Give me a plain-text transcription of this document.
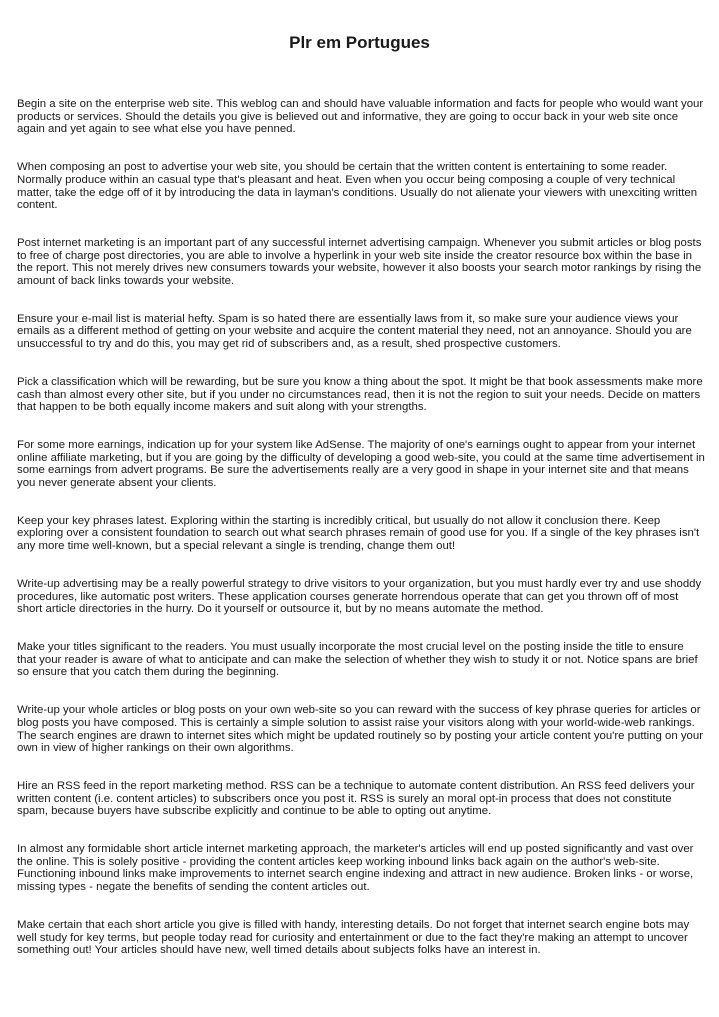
Plr em Portugues

Begin a site on the enterprise web site. This weblog can and should have valuable information and facts for people who would want your products or services. Should the details you give is believed out and informative, they are going to occur back in your web site once again and yet again to see what else you have penned.

When composing an post to advertise your web site, you should be certain that the written content is entertaining to some reader. Normally produce within an casual type that's pleasant and heat. Even when you occur being composing a couple of very technical matter, take the edge off of it by introducing the data in layman's conditions. Usually do not alienate your viewers with unexciting written content.

Post internet marketing is an important part of any successful internet advertising campaign. Whenever you submit articles or blog posts to free of charge post directories, you are able to involve a hyperlink in your web site inside the creator resource box within the base in the report. This not merely drives new consumers towards your website, however it also boosts your search motor rankings by rising the amount of back links towards your website.

Ensure your e-mail list is material hefty. Spam is so hated there are essentially laws from it, so make sure your audience views your emails as a different method of getting on your website and acquire the content material they need, not an annoyance. Should you are unsuccessful to try and do this, you may get rid of subscribers and, as a result, shed prospective customers.

Pick a classification which will be rewarding, but be sure you know a thing about the spot. It might be that book assessments make more cash than almost every other site, but if you under no circumstances read, then it is not the region to suit your needs. Decide on matters that happen to be both equally income makers and suit along with your strengths.

For some more earnings, indication up for your system like AdSense. The majority of one's earnings ought to appear from your internet online affiliate marketing, but if you are going by the difficulty of developing a good web-site, you could at the same time advertisement in some earnings from advert programs. Be sure the advertisements really are a very good in shape in your internet site and that means you never generate absent your clients.

Keep your key phrases latest. Exploring within the starting is incredibly critical, but usually do not allow it conclusion there. Keep exploring over a consistent foundation to search out what search phrases remain of good use for you. If a single of the key phrases isn't any more time well-known, but a special relevant a single is trending, change them out!

Write-up advertising may be a really powerful strategy to drive visitors to your organization, but you must hardly ever try and use shoddy procedures, like automatic post writers. These application courses generate horrendous operate that can get you thrown off of most short article directories in the hurry. Do it yourself or outsource it, but by no means automate the method.

Make your titles significant to the readers. You must usually incorporate the most crucial level on the posting inside the title to ensure that your reader is aware of what to anticipate and can make the selection of whether they wish to study it or not. Notice spans are brief so ensure that you catch them during the beginning.

Write-up your whole articles or blog posts on your own web-site so you can reward with the success of key phrase queries for articles or blog posts you have composed. This is certainly a simple solution to assist raise your visitors along with your world-wide-web rankings. The search engines are drawn to internet sites which might be updated routinely so by posting your article content you're putting on your own in view of higher rankings on their own algorithms.

Hire an RSS feed in the report marketing method. RSS can be a technique to automate content distribution. An RSS feed delivers your written content (i.e. content articles) to subscribers once you post it. RSS is surely an moral opt-in process that does not constitute spam, because buyers have subscribe explicitly and continue to be able to opting out anytime.

In almost any formidable short article internet marketing approach, the marketer's articles will end up posted significantly and vast over the online. This is solely positive - providing the content articles keep working inbound links back again on the author's web-site. Functioning inbound links make improvements to internet search engine indexing and attract in new audience. Broken links - or worse, missing types - negate the benefits of sending the content articles out.

Make certain that each short article you give is filled with handy, interesting details. Do not forget that internet search engine bots may well study for key terms, but people today read for curiosity and entertainment or due to the fact they're making an attempt to uncover something out! Your articles should have new, well timed details about subjects folks have an interest in.
